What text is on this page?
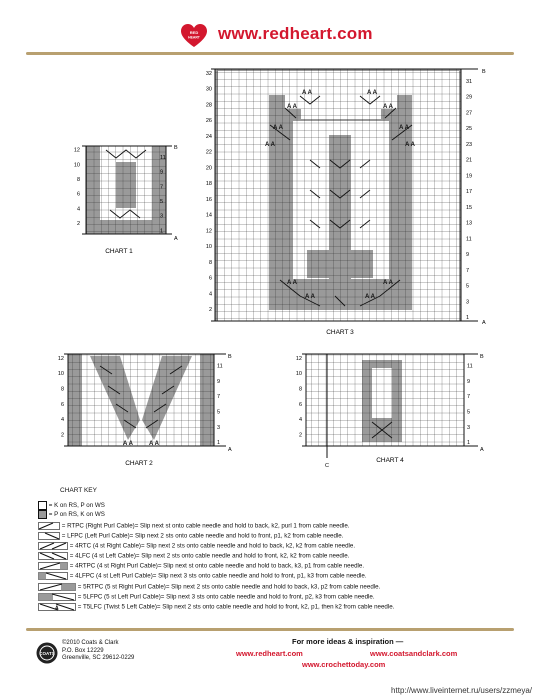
RED
HEART www.redheart.com
B
A
CHART 3
32
31
30
29
28
27
26
25
24
23
22
21
20
19
18
17
16
15
14
13
12
11
10
9
8
7
6
5
4
3
2
1
B
A
CHART 1
12
11
10
9
8
7
6
5
4
3
2
1
B
A
CHART 2
12
11
10
9
8
7
6
5
4
3
2
1
B
A
C
CHART 4
12
11
10
9
8
7
6
5
4
3
2
1
CHART KEY
= K on RS, P on WS
= P on RS, K on WS
= RTPC (Right Purl Cable)= Slip next st onto cable needle and hold to back, k2, purl 1 from cable needle.
= LFPC (Left Purl Cable)= Slip next 2 sts onto cable needle and hold to front, p1, k2 from cable needle.
= 4RTC (4 st Right Cable)= Slip next 2 sts onto cable needle and hold to back, k2, k2 from cable needle.
= 4LFC (4 st Left Cable)= Slip next 2 sts onto cable needle and hold to front, k2, k2 from cable needle.
= 4RTPC (4 st Right Purl Cable)= Slip next st onto cable needle and hold to back, k3, p1 from cable needle.
= 4LFPC (4 st Left Purl Cable)= Slip next 3 sts onto cable needle and hold to front, p1, k3 from cable needle.
= 5RTPC (5 st Right Purl Cable)= Slip next 2 sts onto cable needle and hold to back, k3, p2 from cable needle.
= 5LFPC (5 st Left Purl Cable)= Slip next 3 sts onto cable needle and hold to front, p2, k3 from cable needle.
A	= T5LFC (Twist 5 Left Cable)= Slip next 2 sts onto cable needle and hold to front, k2, p1, then k2 from cable needle.
COATS
©2010 Coats & Clark
P.O. Box 12229
Greenville, SC 29612-0229
For more ideas & inspiration —
www.redheart.com	www.coatsandclark.com
www.crochettoday.com
http://www.liveinternet.ru/users/zzmeya/
